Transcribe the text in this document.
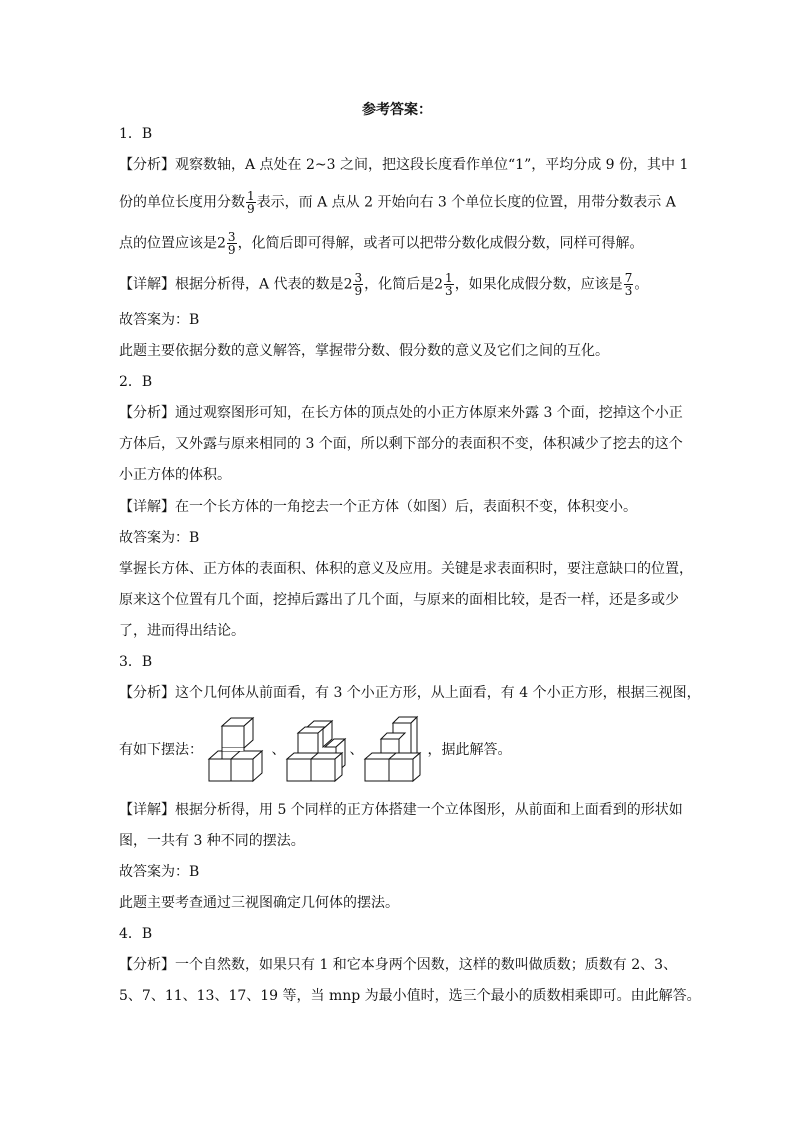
参考答案：
1．B
【分析】观察数轴，A 点处在 2~3 之间，把这段长度看作单位“1”，平均分成 9 份，其中 1
份的单位长度用分数 $\frac{1}{9}$ 表示，而 A 点从 2 开始向右 3 个单位长度的位置，用带分数表示 A
点的位置应该是$2 \frac{3}{9}$ ，化简后即可得解，或者可以把带分数化成假分数，同样可得解。
【详解】根据分析得，A 代表的数是$2 \frac{3}{9}$ ，化简后是$2 \frac{1}{3}$ ，如果化成假分数，应该是 $\frac{7}{3}$ 。
故答案为：B
此题主要依据分数的意义解答，掌握带分数、假分数的意义及它们之间的互化。
2．B
【分析】通过观察图形可知，在长方体的顶点处的小正方体原来外露 3 个面，挖掉这个小正
方体后，又外露与原来相同的 3 个面，所以剩下部分的表面积不变，体积减少了挖去的这个
小正方体的体积。
【详解】在一个长方体的一角挖去一个正方体（如图）后，表面积不变，体积变小。
故答案为：B
掌握长方体、正方体的表面积、体积的意义及应用。关键是求表面积时，要注意缺口的位置，
原来这个位置有几个面，挖掉后露出了几个面，与原来的面相比较，是否一样，还是多或少
了，进而得出结论。
3．B
【分析】这个几何体从前面看，有 3 个小正方形，从上面看，有 4 个小正方形，根据三视图，
有如下摆法：	、	、	，据此解答。
【详解】根据分析得，用 5 个同样的正方体搭建一个立体图形，从前面和上面看到的形状如
图，一共有 3 种不同的摆法。
故答案为：B
此题主要考查通过三视图确定几何体的摆法。
4．B
【分析】一个自然数，如果只有 1 和它本身两个因数，这样的数叫做质数；质数有 2、3、
5、7、11、13、17、19 等，当 mnp 为最小值时，选三个最小的质数相乘即可。由此解答。
